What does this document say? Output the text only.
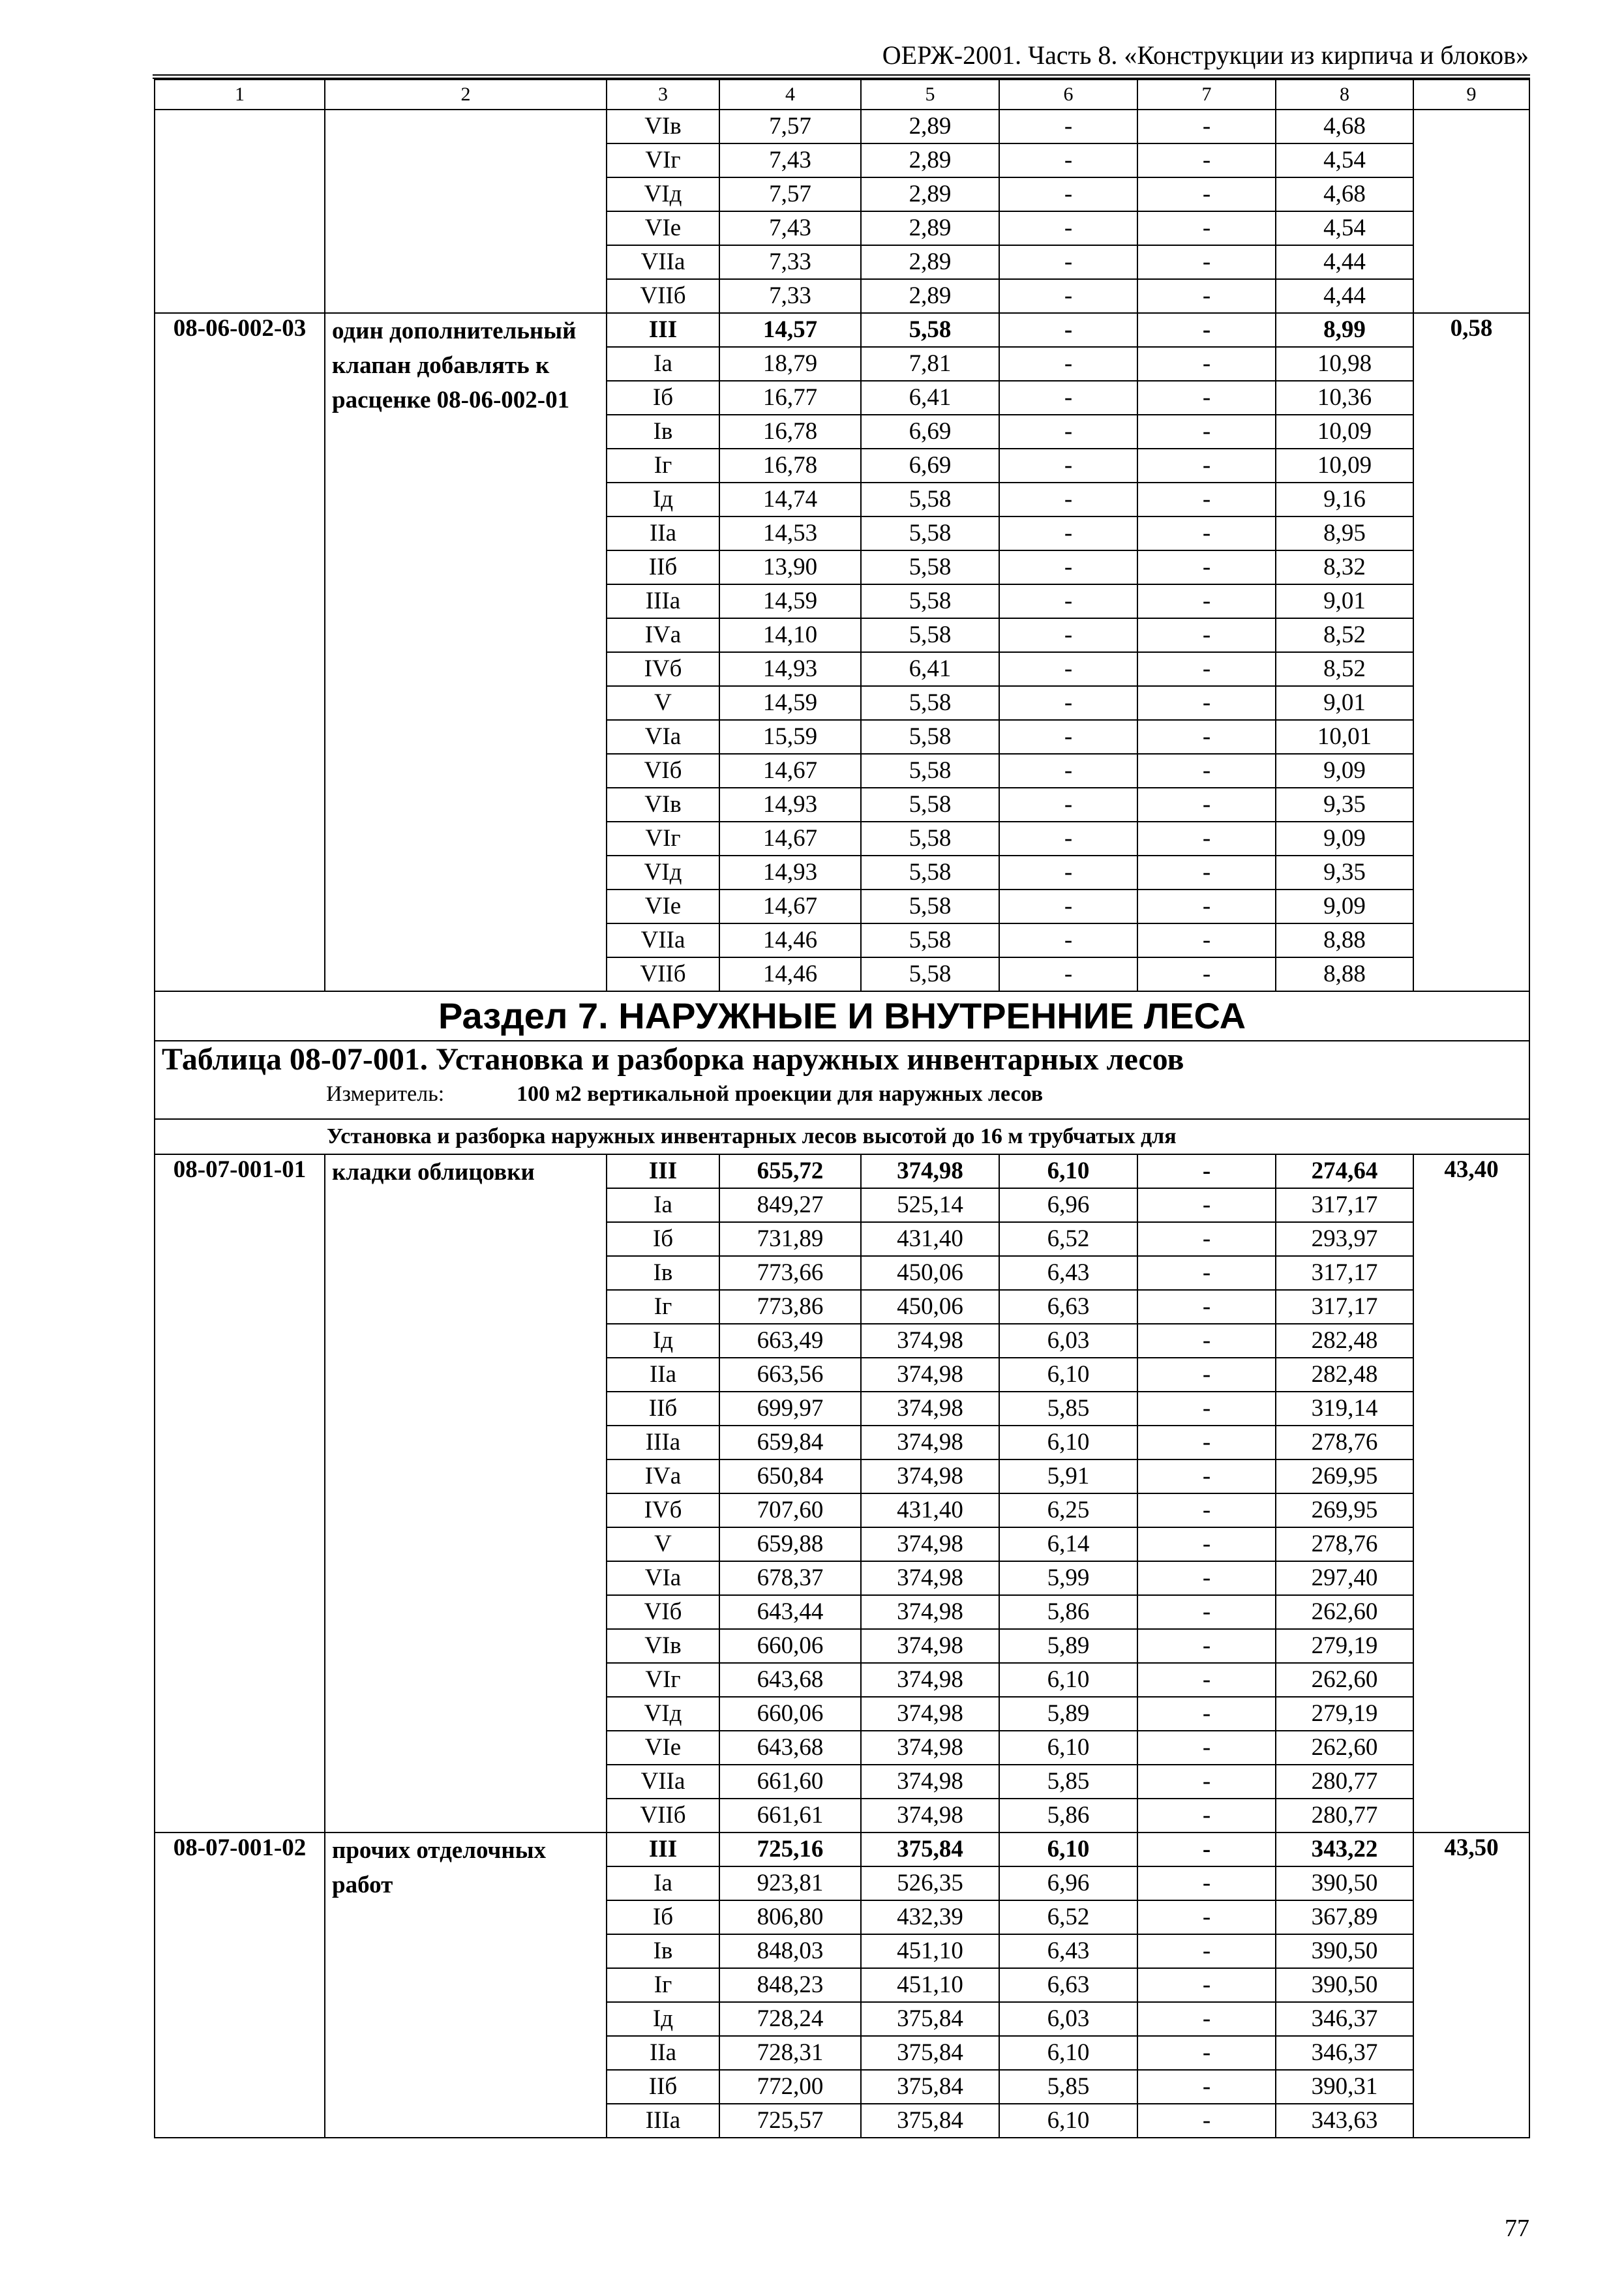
ОЕРЖ-2001. Часть 8. «Конструкции из кирпича и блоков»
1	2	3	4	5	6	7	8	9
		VIв	7,57	2,89	-	-	4,68	
		VIг	7,43	2,89	-	-	4,54	
		VIд	7,57	2,89	-	-	4,68	
		VIе	7,43	2,89	-	-	4,54	
		VIIа	7,33	2,89	-	-	4,44	
		VIIб	7,33	2,89	-	-	4,44	
08-06-002-03	один дополнительный клапан добавлять к расценке 08-06-002-01	III	14,57	5,58	-	-	8,99	0,58
		Iа	18,79	7,81	-	-	10,98	
		Iб	16,77	6,41	-	-	10,36	
		Iв	16,78	6,69	-	-	10,09	
		Iг	16,78	6,69	-	-	10,09	
		Iд	14,74	5,58	-	-	9,16	
		IIа	14,53	5,58	-	-	8,95	
		IIб	13,90	5,58	-	-	8,32	
		IIIа	14,59	5,58	-	-	9,01	
		IVа	14,10	5,58	-	-	8,52	
		IVб	14,93	6,41	-	-	8,52	
		V	14,59	5,58	-	-	9,01	
		VIа	15,59	5,58	-	-	10,01	
		VIб	14,67	5,58	-	-	9,09	
		VIв	14,93	5,58	-	-	9,35	
		VIг	14,67	5,58	-	-	9,09	
		VIд	14,93	5,58	-	-	9,35	
		VIе	14,67	5,58	-	-	9,09	
		VIIа	14,46	5,58	-	-	8,88	
		VIIб	14,46	5,58	-	-	8,88	
Раздел 7. НАРУЖНЫЕ И ВНУТРЕННИЕ ЛЕСА								

Таблица 08-07-001. Установка и разборка наружных инвентарных лесов
Измеритель: 100 м2 вертикальной проекции для наружных лесов								

Установка и разборка наружных инвентарных лесов высотой до 16 м трубчатых для								
08-07-001-01	кладки облицовки	III	655,72	374,98	6,10	-	274,64	43,40
		Iа	849,27	525,14	6,96	-	317,17	
		Iб	731,89	431,40	6,52	-	293,97	
		Iв	773,66	450,06	6,43	-	317,17	
		Iг	773,86	450,06	6,63	-	317,17	
		Iд	663,49	374,98	6,03	-	282,48	
		IIа	663,56	374,98	6,10	-	282,48	
		IIб	699,97	374,98	5,85	-	319,14	
		IIIа	659,84	374,98	6,10	-	278,76	
		IVа	650,84	374,98	5,91	-	269,95	
		IVб	707,60	431,40	6,25	-	269,95	
		V	659,88	374,98	6,14	-	278,76	
		VIа	678,37	374,98	5,99	-	297,40	
		VIб	643,44	374,98	5,86	-	262,60	
		VIв	660,06	374,98	5,89	-	279,19	
		VIг	643,68	374,98	6,10	-	262,60	
		VIд	660,06	374,98	5,89	-	279,19	
		VIе	643,68	374,98	6,10	-	262,60	
		VIIа	661,60	374,98	5,85	-	280,77	
		VIIб	661,61	374,98	5,86	-	280,77	
08-07-001-02	прочих отделочных работ	III	725,16	375,84	6,10	-	343,22	43,50
		Iа	923,81	526,35	6,96	-	390,50	
		Iб	806,80	432,39	6,52	-	367,89	
		Iв	848,03	451,10	6,43	-	390,50	
		Iг	848,23	451,10	6,63	-	390,50	
		Iд	728,24	375,84	6,03	-	346,37	
		IIа	728,31	375,84	6,10	-	346,37	
		IIб	772,00	375,84	5,85	-	390,31	
		IIIа	725,57	375,84	6,10	-	343,63	
77
